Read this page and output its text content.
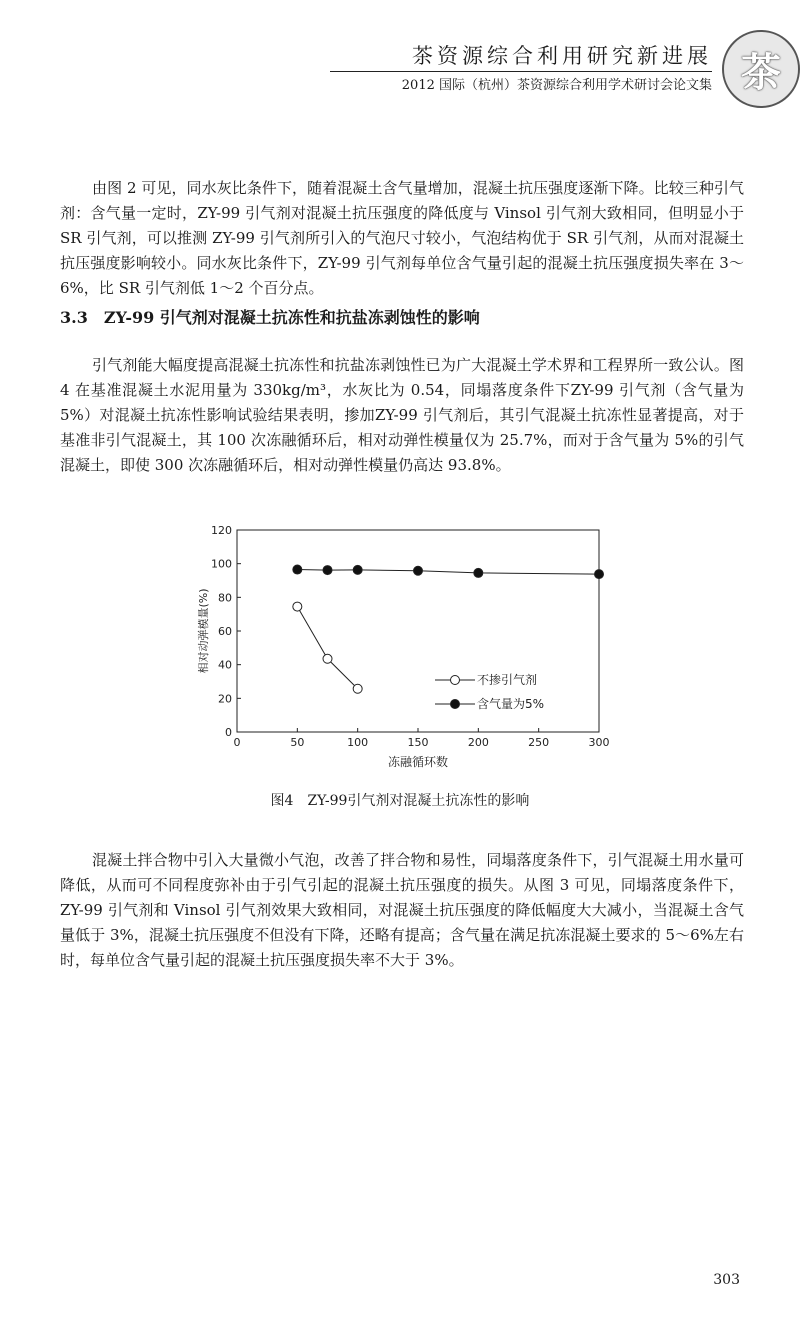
茶资源综合利用研究新进展
2012 国际（杭州）茶资源综合利用学术研讨会论文集 茶

由图 2 可见，同水灰比条件下，随着混凝土含气量增加，混凝土抗压强度逐渐下降。比较三种引气剂：含气量一定时，ZY-99 引气剂对混凝土抗压强度的降低度与 Vinsol 引气剂大致相同，但明显小于 SR 引气剂，可以推测 ZY-99 引气剂所引入的气泡尺寸较小，气泡结构优于 SR 引气剂，从而对混凝土抗压强度影响较小。同水灰比条件下，ZY-99 引气剂每单位含气量引起的混凝土抗压强度损失率在 3～6%，比 SR 引气剂低 1～2 个百分点。

3.3　ZY-99 引气剂对混凝土抗冻性和抗盐冻剥蚀性的影响

引气剂能大幅度提高混凝土抗冻性和抗盐冻剥蚀性已为广大混凝土学术界和工程界所一致公认。图 4 在基准混凝土水泥用量为 330kg/m³，水灰比为 0.54，同塌落度条件下ZY-99 引气剂（含气量为 5%）对混凝土抗冻性影响试验结果表明，掺加ZY-99 引气剂后，其引气混凝土抗冻性显著提高，对于基准非引气混凝土，其 100 次冻融循环后，相对动弹性模量仅为 25.7%，而对于含气量为 5%的引气混凝土，即使 300 次冻融循环后，相对动弹性模量仍高达 93.8%。

0	50	100	150	200	250	300
0
20
40
60
80
100
120
冻融循环数
相对动弹模量(%)
不掺引气剂
含气量为5%
图4　ZY-99引气剂对混凝土抗冻性的影响

混凝土拌合物中引入大量微小气泡，改善了拌合物和易性，同塌落度条件下，引气混凝土用水量可降低，从而可不同程度弥补由于引气引起的混凝土抗压强度的损失。从图 3 可见，同塌落度条件下，ZY-99 引气剂和 Vinsol 引气剂效果大致相同，对混凝土抗压强度的降低幅度大大减小，当混凝土含气量低于 3%，混凝土抗压强度不但没有下降，还略有提高；含气量在满足抗冻混凝土要求的 5～6%左右时，每单位含气量引起的混凝土抗压强度损失率不大于 3%。

303
